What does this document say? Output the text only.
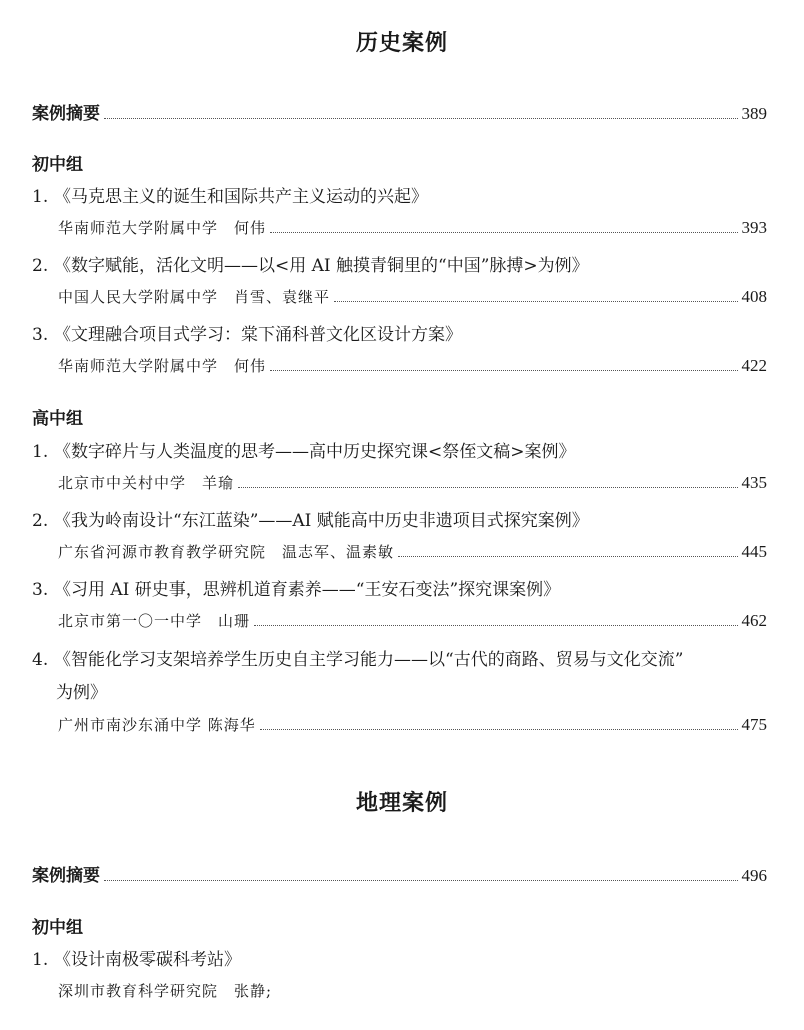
历史案例
案例摘要	389
初中组
1. 《马克思主义的诞生和国际共产主义运动的兴起》
华南师范大学附属中学　何伟	393
2. 《数字赋能，活化文明——以<用 AI 触摸青铜里的“中国”脉搏>为例》
中国人民大学附属中学　肖雪、袁继平	408
3. 《文理融合项目式学习：棠下涌科普文化区设计方案》
华南师范大学附属中学　何伟	422
高中组
1. 《数字碎片与人类温度的思考——高中历史探究课<祭侄文稿>案例》
北京市中关村中学　羊瑜	435
2. 《我为岭南设计“东江蓝染”——AI 赋能高中历史非遗项目式探究案例》
广东省河源市教育教学研究院　温志军、温素敏	445
3. 《习用 AI 研史事，思辨机道育素养——“王安石变法”探究课案例》
北京市第一〇一中学　山珊	462
4. 《智能化学习支架培养学生历史自主学习能力——以“古代的商路、贸易与文化交流”
为例》
广州市南沙东涌中学 陈海华	475
地理案例
案例摘要	496
初中组
1. 《设计南极零碳科考站》
深圳市教育科学研究院　张静;
